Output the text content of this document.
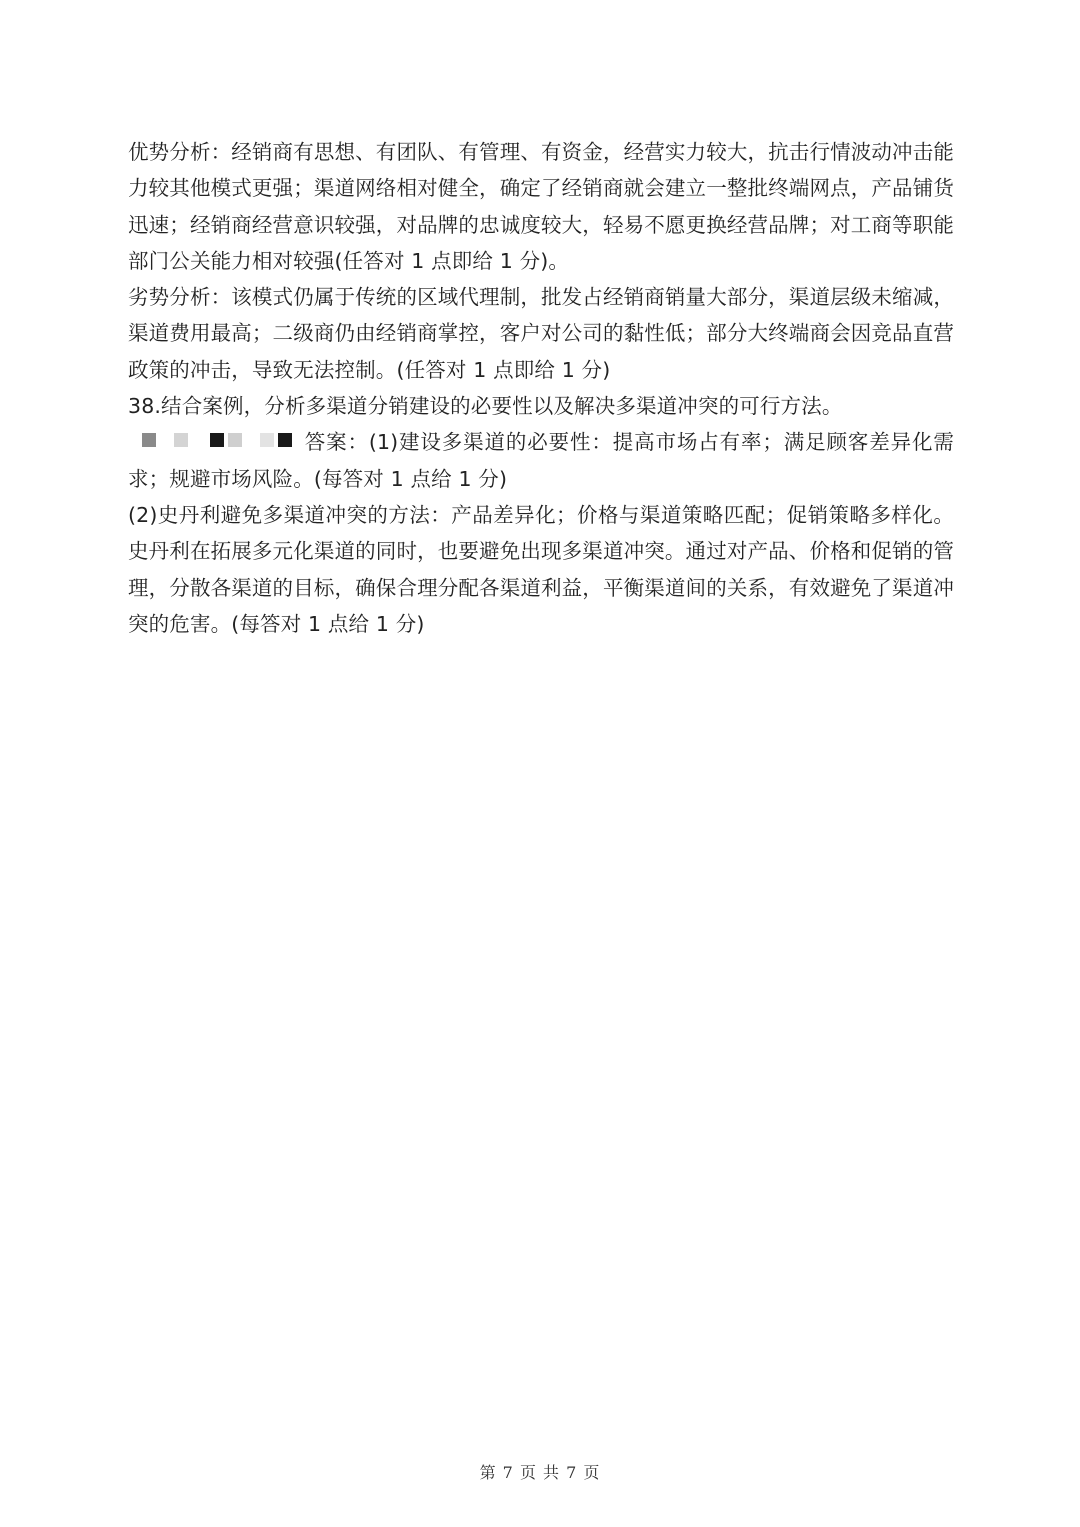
优势分析：经销商有思想、有团队、有管理、有资金，经营实力较大，抗击行情波动冲击能力较其他模式更强；渠道网络相对健全，确定了经销商就会建立一整批终端网点，产品铺货迅速；经销商经营意识较强，对品牌的忠诚度较大，轻易不愿更换经营品牌；对工商等职能部门公关能力相对较强(任答对 1 点即给 1 分)。

劣势分析：该模式仍属于传统的区域代理制，批发占经销商销量大部分，渠道层级未缩减，渠道费用最高；二级商仍由经销商掌控，客户对公司的黏性低；部分大终端商会因竞品直营政策的冲击，导致无法控制。(任答对 1 点即给 1 分)

38.结合案例，分析多渠道分销建设的必要性以及解决多渠道冲突的可行方法。

答案：(1)建设多渠道的必要性：提高市场占有率；满足顾客差异化需求；规避市场风险。(每答对 1 点给 1 分)

(2)史丹利避免多渠道冲突的方法：产品差异化；价格与渠道策略匹配；促销策略多样化。史丹利在拓展多元化渠道的同时，也要避免出现多渠道冲突。通过对产品、价格和促销的管理，分散各渠道的目标，确保合理分配各渠道利益，平衡渠道间的关系，有效避免了渠道冲突的危害。(每答对 1 点给 1 分)

第 7 页 共 7 页
